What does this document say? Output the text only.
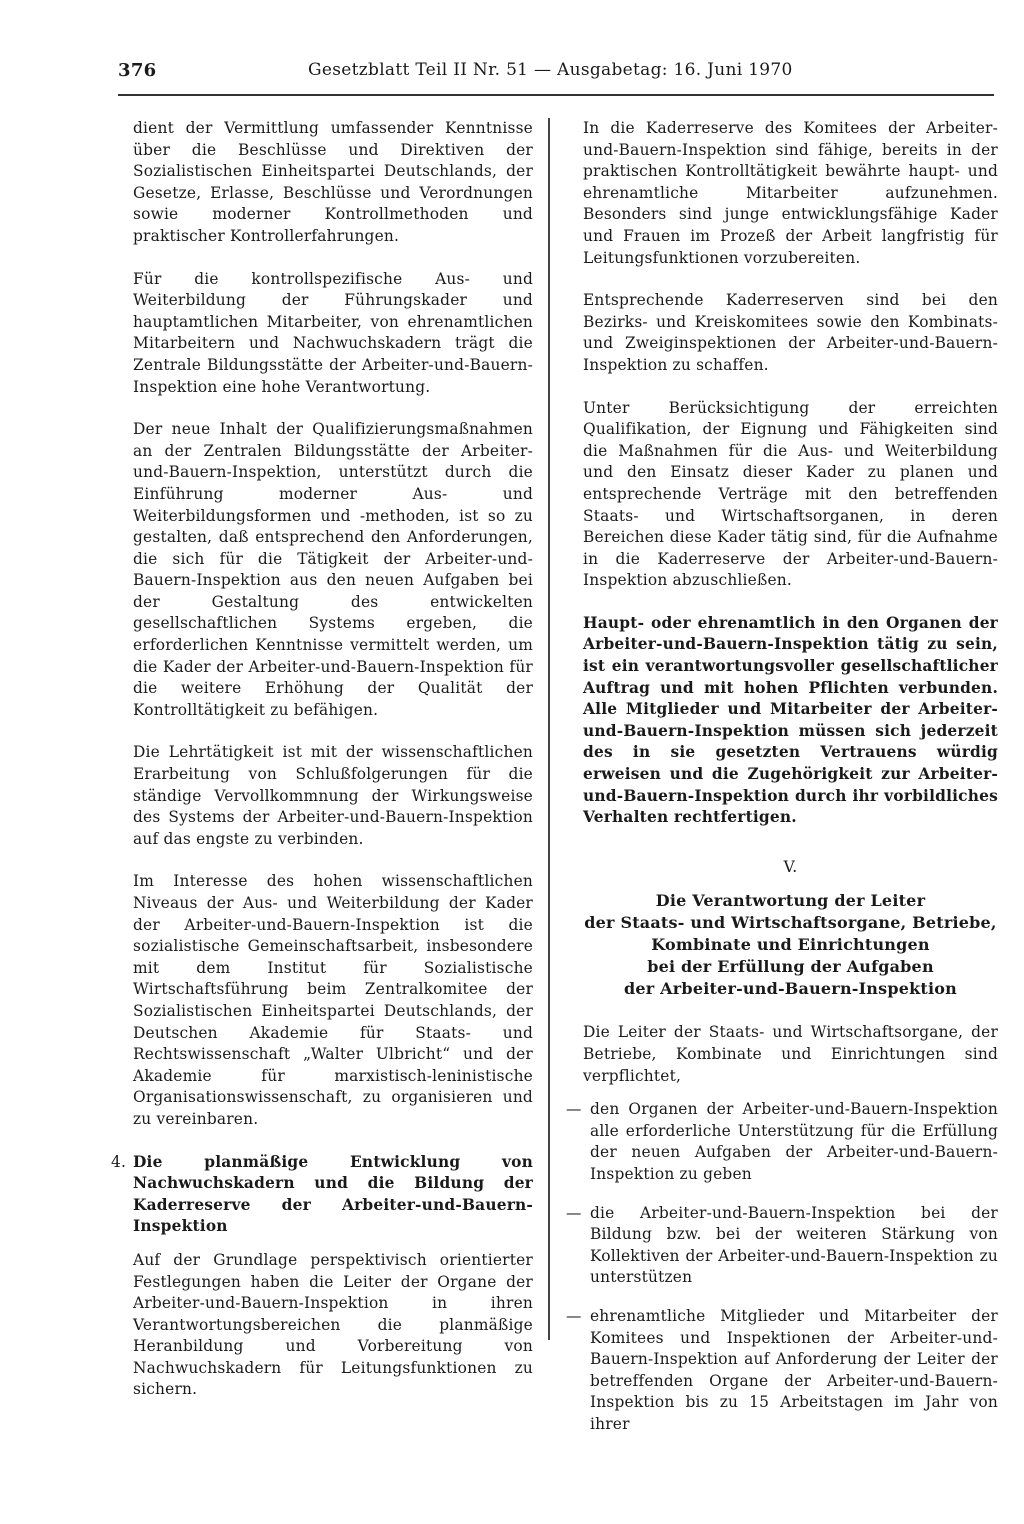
376	Gesetzblatt Teil II Nr. 51 — Ausgabetag: 16. Juni 1970

dient der Vermittlung umfassender Kenntnisse über die Beschlüsse und Direktiven der Sozialistischen Einheitspartei Deutschlands, der Gesetze, Erlasse, Beschlüsse und Verordnungen sowie moderner Kontrollmethoden und praktischer Kontrollerfahrungen.

Für die kontrollspezifische Aus- und Weiterbildung der Führungskader und hauptamtlichen Mitarbeiter, von ehrenamtlichen Mitarbeitern und Nachwuchskadern trägt die Zentrale Bildungsstätte der Arbeiter-und-Bauern-Inspektion eine hohe Verantwortung.

Der neue Inhalt der Qualifizierungsmaßnahmen an der Zentralen Bildungsstätte der Arbeiter-und-Bauern-Inspektion, unterstützt durch die Einführung moderner Aus- und Weiterbildungsformen und -methoden, ist so zu gestalten, daß entsprechend den Anforderungen, die sich für die Tätigkeit der Arbeiter-und-Bauern-Inspektion aus den neuen Aufgaben bei der Gestaltung des entwickelten gesellschaftlichen Systems ergeben, die erforderlichen Kenntnisse vermittelt werden, um die Kader der Arbeiter-und-Bauern-Inspektion für die weitere Erhöhung der Qualität der Kontrolltätigkeit zu befähigen.

Die Lehrtätigkeit ist mit der wissenschaftlichen Erarbeitung von Schlußfolgerungen für die ständige Vervollkommnung der Wirkungsweise des Systems der Arbeiter-und-Bauern-Inspektion auf das engste zu verbinden.

Im Interesse des hohen wissenschaftlichen Niveaus der Aus- und Weiterbildung der Kader der Arbeiter-und-Bauern-Inspektion ist die sozialistische Gemeinschaftsarbeit, insbesondere mit dem Institut für Sozialistische Wirtschaftsführung beim Zentralkomitee der Sozialistischen Einheitspartei Deutschlands, der Deutschen Akademie für Staats- und Rechtswissenschaft „Walter Ulbricht“ und der Akademie für marxistisch-leninistische Organisationswissenschaft, zu organisieren und zu vereinbaren.

4. Die planmäßige Entwicklung von Nachwuchskadern und die Bildung der Kaderreserve der Arbeiter-und-Bauern-Inspektion

Auf der Grundlage perspektivisch orientierter Festlegungen haben die Leiter der Organe der Arbeiter-und-Bauern-Inspektion in ihren Verantwortungsbereichen die planmäßige Heranbildung und Vorbereitung von Nachwuchskadern für Leitungsfunktionen zu sichern.

In die Kaderreserve des Komitees der Arbeiter-und-Bauern-Inspektion sind fähige, bereits in der praktischen Kontrolltätigkeit bewährte haupt- und ehrenamtliche Mitarbeiter aufzunehmen. Besonders sind junge entwicklungsfähige Kader und Frauen im Prozeß der Arbeit langfristig für Leitungsfunktionen vorzubereiten.

Entsprechende Kaderreserven sind bei den Bezirks- und Kreiskomitees sowie den Kombinats- und Zweiginspektionen der Arbeiter-und-Bauern-Inspektion zu schaffen.

Unter Berücksichtigung der erreichten Qualifikation, der Eignung und Fähigkeiten sind die Maßnahmen für die Aus- und Weiterbildung und den Einsatz dieser Kader zu planen und entsprechende Verträge mit den betreffenden Staats- und Wirtschaftsorganen, in deren Bereichen diese Kader tätig sind, für die Aufnahme in die Kaderreserve der Arbeiter-und-Bauern-Inspektion abzuschließen.

Haupt- oder ehrenamtlich in den Organen der Arbeiter-und-Bauern-Inspektion tätig zu sein, ist ein verantwortungsvoller gesellschaftlicher Auftrag und mit hohen Pflichten verbunden. Alle Mitglieder und Mitarbeiter der Arbeiter-und-Bauern-Inspektion müssen sich jederzeit des in sie gesetzten Vertrauens würdig erweisen und die Zugehörigkeit zur Arbeiter-und-Bauern-Inspektion durch ihr vorbildliches Verhalten rechtfertigen.

V.
Die Verantwortung der Leiter
der Staats- und Wirtschaftsorgane, Betriebe,
Kombinate und Einrichtungen
bei der Erfüllung der Aufgaben
der Arbeiter-und-Bauern-Inspektion

Die Leiter der Staats- und Wirtschaftsorgane, der Betriebe, Kombinate und Einrichtungen sind verpflichtet,

— den Organen der Arbeiter-und-Bauern-Inspektion alle erforderliche Unterstützung für die Erfüllung der neuen Aufgaben der Arbeiter-und-Bauern-Inspektion zu geben
— die Arbeiter-und-Bauern-Inspektion bei der Bildung bzw. bei der weiteren Stärkung von Kollektiven der Arbeiter-und-Bauern-Inspektion zu unterstützen
— ehrenamtliche Mitglieder und Mitarbeiter der Komitees und Inspektionen der Arbeiter-und-Bauern-Inspektion auf Anforderung der Leiter der betreffenden Organe der Arbeiter-und-Bauern-Inspektion bis zu 15 Arbeitstagen im Jahr von ihrer
